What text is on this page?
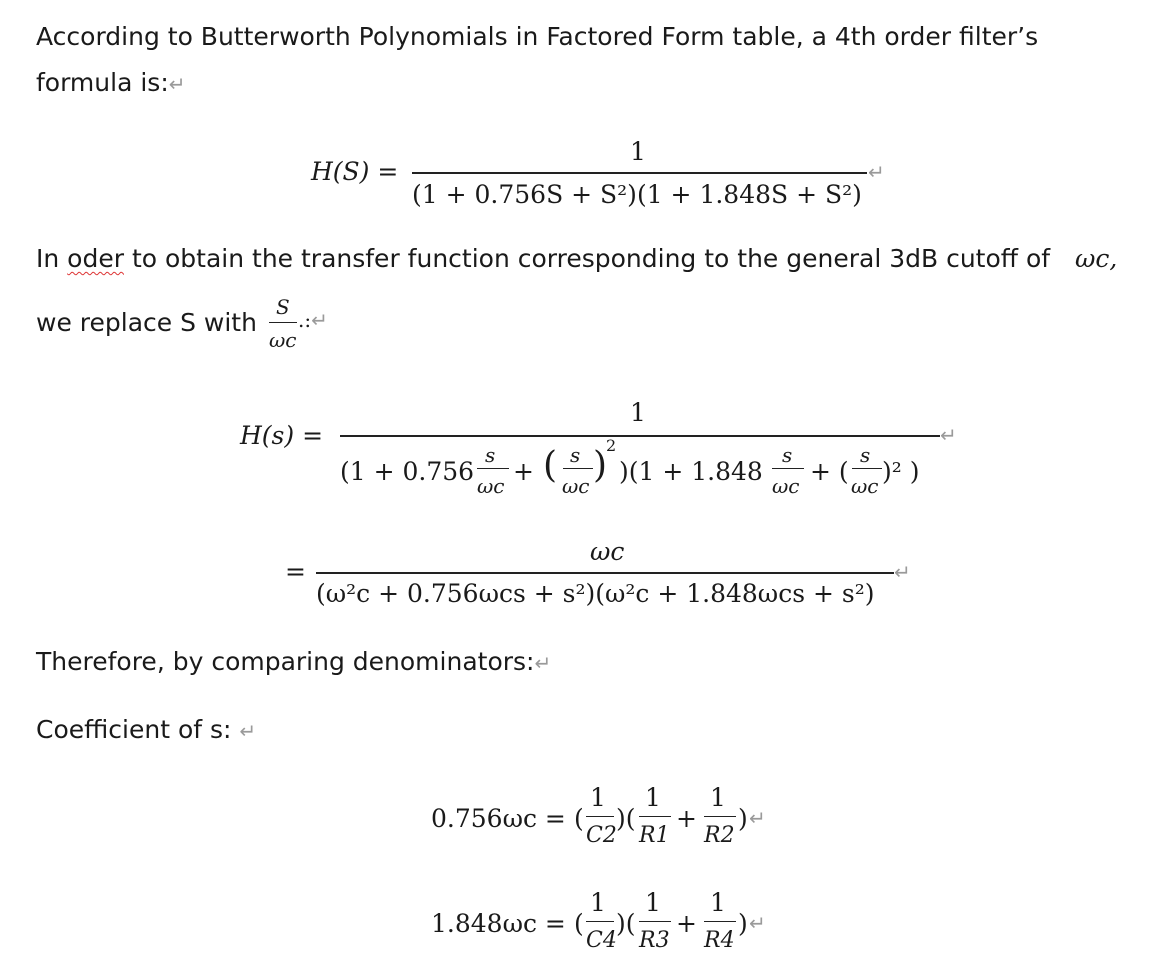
According to Butterworth Polynomials in Factored Form table, a 4th order filter’s
formula is:↵
H(S) =
1
(1 + 0.756S + S²)(1 + 1.848S + S²)
↵
In oder to obtain the transfer function corresponding to the general 3dB cutoff of ωc,
we replace S with
S
ωc
.:↵
H(s) =
1
↵
(1 + 0.756
s
ωc + ( s
ωc )
2
)(1 + 1.848
s
ωc + (
s
ωc )² )
=
ωc
(ω²c + 0.756ωcs + s²)(ω²c + 1.848ωcs + s²)
↵
Therefore, by comparing denominators:↵
Coefficient of s: ↵
0.756ωc = (
1
C2
)(
1
R1
+
1
R2
) ↵
1.848ωc = (
1
C4
)(
1
R3
+
1
R4
) ↵
